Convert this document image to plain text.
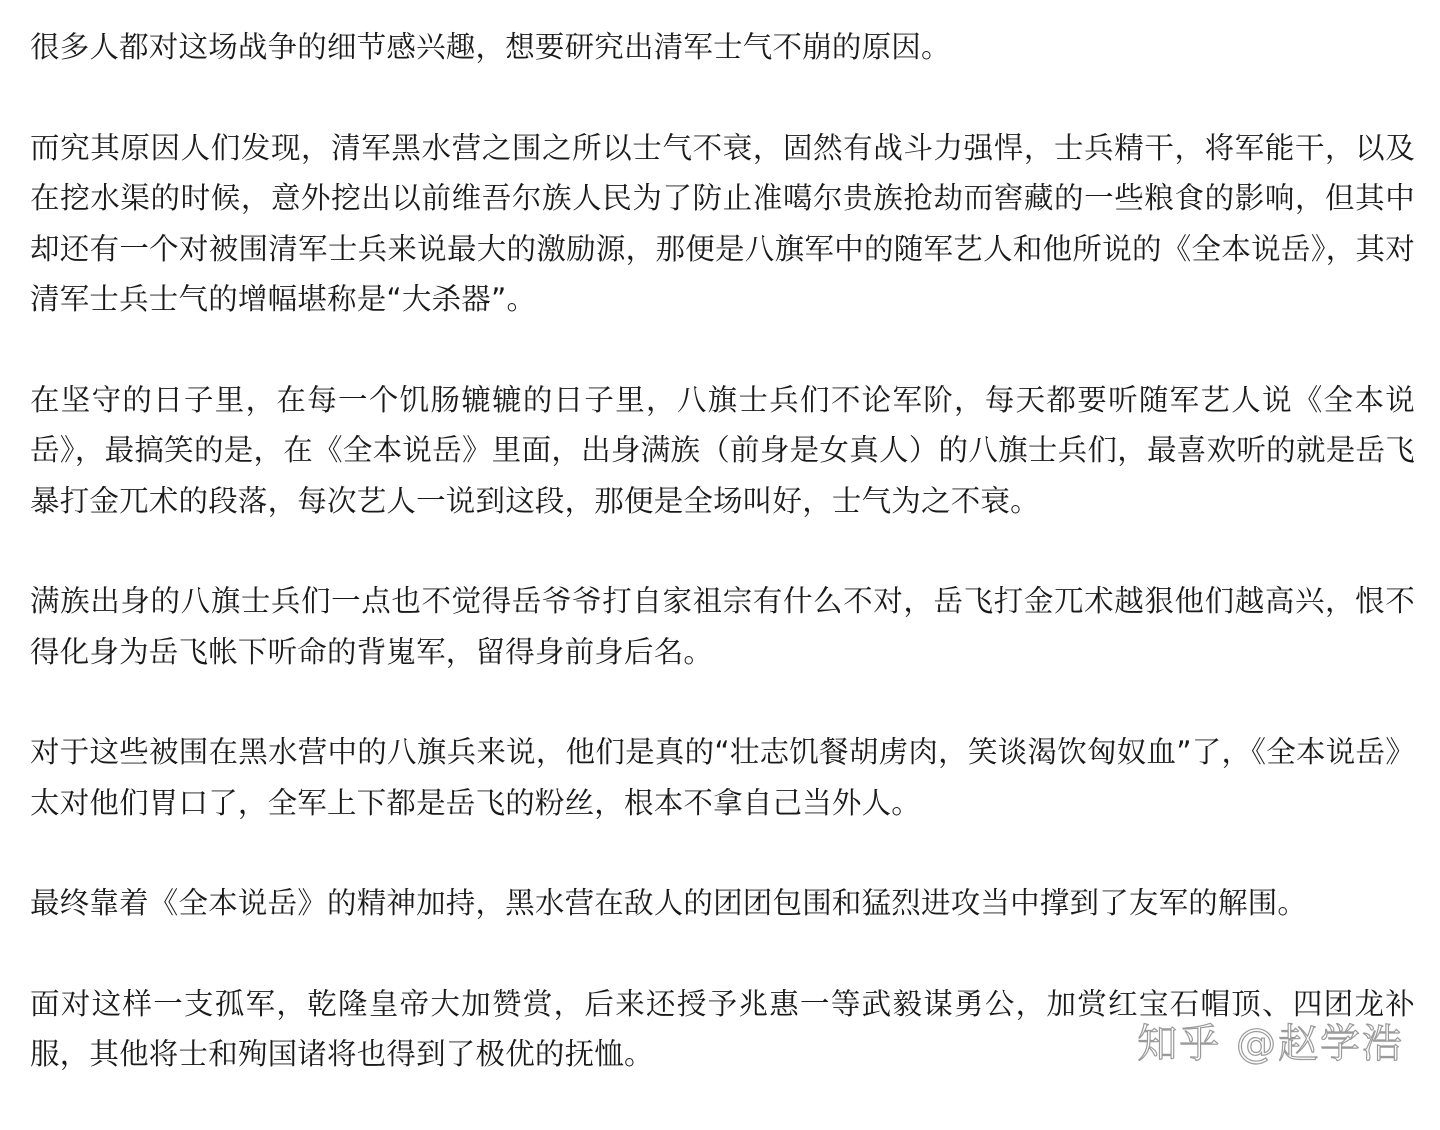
很多人都对这场战争的细节感兴趣，想要研究出清军士气不崩的原因。

而究其原因人们发现，清军黑水营之围之所以士气不衰，固然有战斗力强悍，士兵精干，将军能干，以及在挖水渠的时候，意外挖出以前维吾尔族人民为了防止准噶尔贵族抢劫而窖藏的一些粮食的影响，但其中却还有一个对被围清军士兵来说最大的激励源，那便是八旗军中的随军艺人和他所说的《全本说岳》，其对清军士兵士气的增幅堪称是“大杀器”。

在坚守的日子里，在每一个饥肠辘辘的日子里，八旗士兵们不论军阶，每天都要听随军艺人说《全本说岳》，最搞笑的是，在《全本说岳》里面，出身满族（前身是女真人）的八旗士兵们，最喜欢听的就是岳飞暴打金兀术的段落，每次艺人一说到这段，那便是全场叫好，士气为之不衰。

满族出身的八旗士兵们一点也不觉得岳爷爷打自家祖宗有什么不对，岳飞打金兀术越狠他们越高兴，恨不得化身为岳飞帐下听命的背嵬军，留得身前身后名。

对于这些被围在黑水营中的八旗兵来说，他们是真的“壮志饥餐胡虏肉，笑谈渴饮匈奴血”了，《全本说岳》太对他们胃口了，全军上下都是岳飞的粉丝，根本不拿自己当外人。

最终靠着《全本说岳》的精神加持，黑水营在敌人的团团包围和猛烈进攻当中撑到了友军的解围。

面对这样一支孤军，乾隆皇帝大加赞赏，后来还授予兆惠一等武毅谋勇公，加赏红宝石帽顶、四团龙补服，其他将士和殉国诸将也得到了极优的抚恤。	知乎 @赵学浩
